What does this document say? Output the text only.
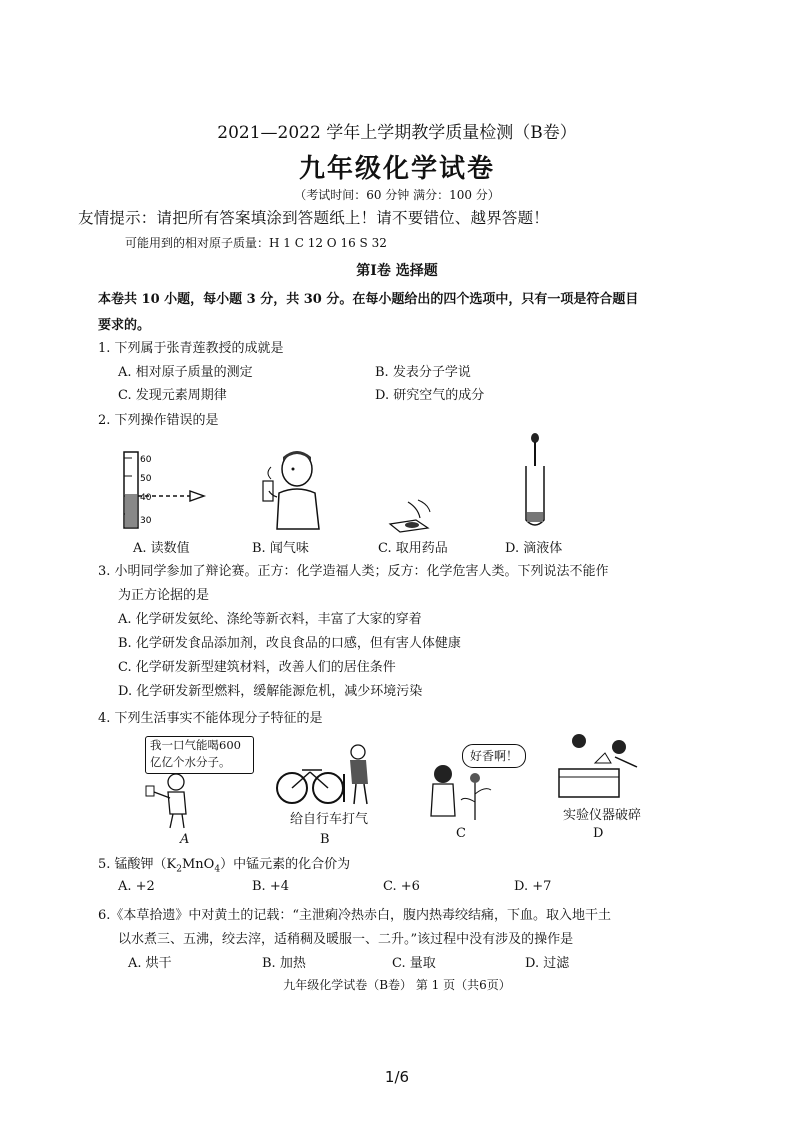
2021—2022 学年上学期教学质量检测（B卷）
九年级化学试卷
（考试时间：60 分钟 满分：100 分）
友情提示：请把所有答案填涂到答题纸上！请不要错位、越界答题！
可能用到的相对原子质量：H 1 C 12 O 16 S 32
第Ⅰ卷 选择题
本卷共 10 小题，每小题 3 分，共 30 分。在每小题给出的四个选项中，只有一项是符合题目
要求的。
1. 下列属于张青莲教授的成就是
A. 相对原子质量的测定	B. 发表分子学说
C. 发现元素周期律	D. 研究空气的成分
2. 下列操作错误的是
60
50
40
30
A. 读数值	B. 闻气味	C. 取用药品	D. 滴液体
3. 小明同学参加了辩论赛。正方：化学造福人类；反方：化学危害人类。下列说法不能作
为正方论据的是
A. 化学研发氨纶、涤纶等新衣料，丰富了大家的穿着
B. 化学研发食品添加剂，改良食品的口感，但有害人体健康
C. 化学研发新型建筑材料，改善人们的居住条件
D. 化学研发新型燃料，缓解能源危机，减少环境污染
4. 下列生活事实不能体现分子特征的是
我一口气能喝600
亿亿个水分子。	好香啊！
A
给自行车打气
B	C
实验仪器破碎
D
5. 锰酸钾$(K_2MnO_4)$中锰元素的化合价为
A. +2	B. +4	C. +6	D. +7
6.《本草拾遗》中对黄土的记载：“主泄痢冷热赤白，腹内热毒绞结痛，下血。取入地干土
以水煮三、五沸，绞去滓，适稍稠及暖服一、二升。”该过程中没有涉及的操作是
A. 烘干	B. 加热	C. 量取	D. 过滤
九年级化学试卷（B卷） 第 1 页（共6页）
1/6
